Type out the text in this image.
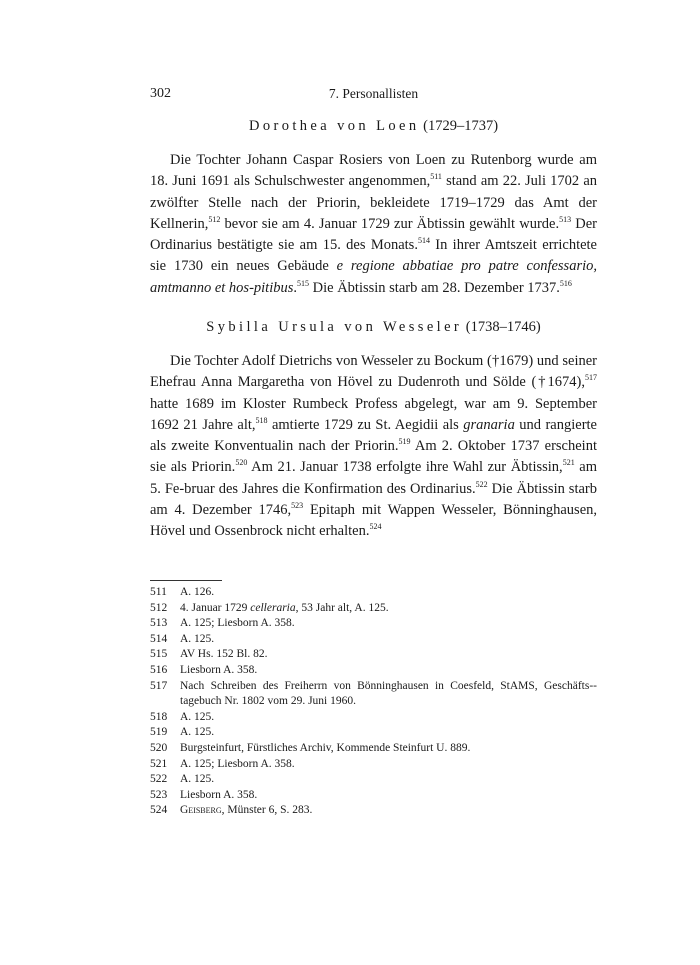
302	7. Personallisten
Dorothea von Loen (1729–1737)

Die Tochter Johann Caspar Rosiers von Loen zu Rutenborg wurde am 18. Juni 1691 als Schulschwester angenommen,$^{511}$ stand am 22. Juli 1702 an zwölfter Stelle nach der Priorin, bekleidete 1719–1729 das Amt der Kellnerin,$^{512}$ bevor sie am 4. Januar 1729 zur Äbtissin gewählt wurde.$^{513}$ Der Ordinarius bestätigte sie am 15. des Monats.$^{514}$ In ihrer Amtszeit errichtete sie 1730 ein neues Gebäude e regione abbatiae pro patre confessario, amtmanno et hos-pitibus.$^{515}$ Die Äbtissin starb am 28. Dezember 1737.$^{516}$

Sybilla Ursula von Wesseler (1738–1746)

Die Tochter Adolf Dietrichs von Wesseler zu Bockum (†1679) und seiner Ehefrau Anna Margaretha von Hövel zu Dudenroth und Sölde (†1674),$^{517}$ hatte 1689 im Kloster Rumbeck Profess abgelegt, war am 9. September 1692 21 Jahre alt,$^{518}$ amtierte 1729 zu St. Aegidii als granaria und rangierte als zweite Konventualin nach der Priorin.$^{519}$ Am 2. Oktober 1737 erscheint sie als Priorin.$^{520}$ Am 21. Januar 1738 erfolgte ihre Wahl zur Äbtissin,$^{521}$ am 5. Fe-bruar des Jahres die Konfirmation des Ordinarius.$^{522}$ Die Äbtissin starb am 4. Dezember 1746,$^{523}$ Epitaph mit Wappen Wesseler, Bönninghausen, Hövel und Ossenbrock nicht erhalten.$^{524}$

511	A. 126.
512	4. Januar 1729 celleraria, 53 Jahr alt, A. 125.
513	A. 125; Liesborn A. 358.
514	A. 125.
515	AV Hs. 152 Bl. 82.
516	Liesborn A. 358.
517	Nach Schreiben des Freiherrn von Bönninghausen in Coesfeld, StAMS, Geschäfts-tagebuch Nr. 1802 vom 29. Juni 1960.
518	A. 125.
519	A. 125.
520	Burgsteinfurt, Fürstliches Archiv, Kommende Steinfurt U. 889.
521	A. 125; Liesborn A. 358.
522	A. 125.
523	Liesborn A. 358.
524	Geisberg, Münster 6, S. 283.
